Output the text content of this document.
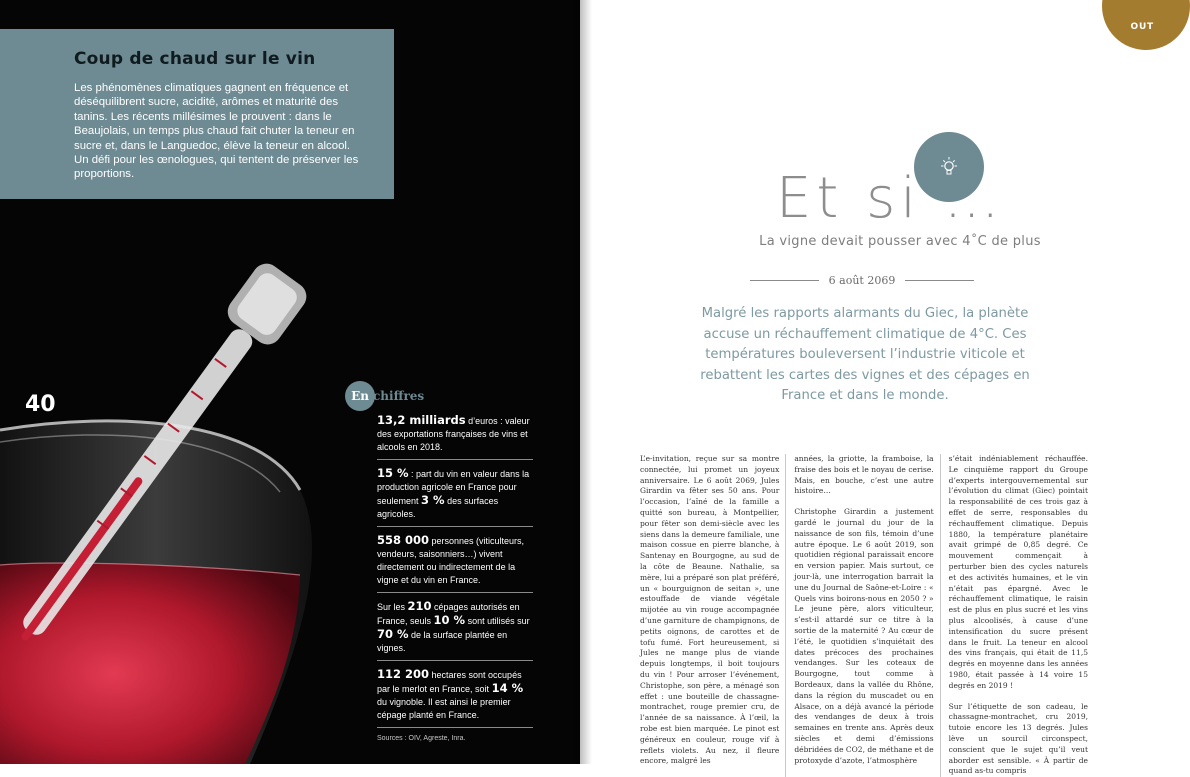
Coup de chaud sur le vin

Les phénomènes climatiques gagnent en fréquence et déséquilibrent sucre, acidité, arômes et maturité des tanins. Les récents millésimes le prouvent : dans le Beaujolais, un temps plus chaud fait chuter la teneur en sucre et, dans le Languedoc, élève la teneur en alcool. Un défi pour les œnologues, qui tentent de préserver les proportions.

40	En chiffres
13,2 milliards d’euros : valeur des exportations françaises de vins et alcools en 2018.
15 % : part du vin en valeur dans la production agricole en France pour seulement 3 % des surfaces agricoles.
558 000 personnes (viticulteurs, vendeurs, saisonniers…) vivent directement ou indirectement de la vigne et du vin en France.
Sur les 210 cépages autorisés en France, seuls 10 % sont utilisés sur 70 % de la surface plantée en vignes.
112 200 hectares sont occupés par le merlot en France, soit 14 % du vignoble. Il est ainsi le premier cépage planté en France.
Sources : OIV, Agreste, Inra.
OUT
Et si …
La vigne devait pousser avec 4˚C de plus
6 août 2069
Malgré les rapports alarmants du Giec, la planète accuse un réchauffement climatique de 4°C. Ces températures bouleversent l’industrie viticole et rebattent les cartes des vignes et des cépages en France et dans le monde.

L’e-invitation, reçue sur sa montre connectée, lui promet un joyeux anniversaire. Le 6 août 2069, Jules Girardin va fêter ses 50 ans. Pour l’occasion, l’aîné de la famille a quitté son bureau, à Montpellier, pour fêter son demi-siècle avec les siens dans la demeure familiale, une maison cossue en pierre blanche, à Santenay en Bourgogne, au sud de la côte de Beaune. Nathalie, sa mère, lui a préparé son plat préféré, un « bourguignon de seitan », une estouffade de viande végétale mijotée au vin rouge accompagnée d’une garniture de champignons, de petits oignons, de carottes et de tofu fumé. Fort heureusement, si Jules ne mange plus de viande depuis longtemps, il boit toujours du vin ! Pour arroser l’événement, Christophe, son père, a ménagé son effet : une bouteille de chassagne-montrachet, rouge premier cru, de l’année de sa naissance. À l’œil, la robe est bien marquée. Le pinot est généreux en couleur, rouge vif à reflets violets. Au nez, il fleure encore, malgré les

années, la griotte, la framboise, la fraise des bois et le noyau de cerise. Mais, en bouche, c’est une autre histoire…

Christophe Girardin a justement gardé le journal du jour de la naissance de son fils, témoin d’une autre époque. Le 6 août 2019, son quotidien régional paraissait encore en version papier. Mais surtout, ce jour-là, une interrogation barrait la une du Journal de Saône-et-Loire : « Quels vins boirons-nous en 2050 ? » Le jeune père, alors viticulteur, s’est-il attardé sur ce titre à la sortie de la maternité ? Au cœur de l’été, le quotidien s’inquiétait des dates précoces des prochaines vendanges. Sur les coteaux de Bourgogne, tout comme à Bordeaux, dans la vallée du Rhône, dans la région du muscadet ou en Alsace, on a déjà avancé la période des vendanges de deux à trois semaines en trente ans. Après deux siècles et demi d’émissions débridées de CO2, de méthane et de protoxyde d’azote, l’atmosphère

s’était indéniablement réchauffée. Le cinquième rapport du Groupe d’experts intergouvernemental sur l’évolution du climat (Giec) pointait la responsabilité de ces trois gaz à effet de serre, responsables du réchauffement climatique. Depuis 1880, la température planétaire avait grimpé de 0,85 degré. Ce mouvement commençait à perturber bien des cycles naturels et des activités humaines, et le vin n’était pas épargné. Avec le réchauffement climatique, le raisin est de plus en plus sucré et les vins plus alcoolisés, à cause d’une intensification du sucre présent dans le fruit. La teneur en alcool des vins français, qui était de 11,5 degrés en moyenne dans les années 1980, était passée à 14 voire 15 degrés en 2019 !

Sur l’étiquette de son cadeau, le chassagne-montrachet, cru 2019, tutoie encore les 13 degrés. Jules lève un sourcil circonspect, conscient que le sujet qu’il veut aborder est sensible. « À partir de quand as-tu compris
